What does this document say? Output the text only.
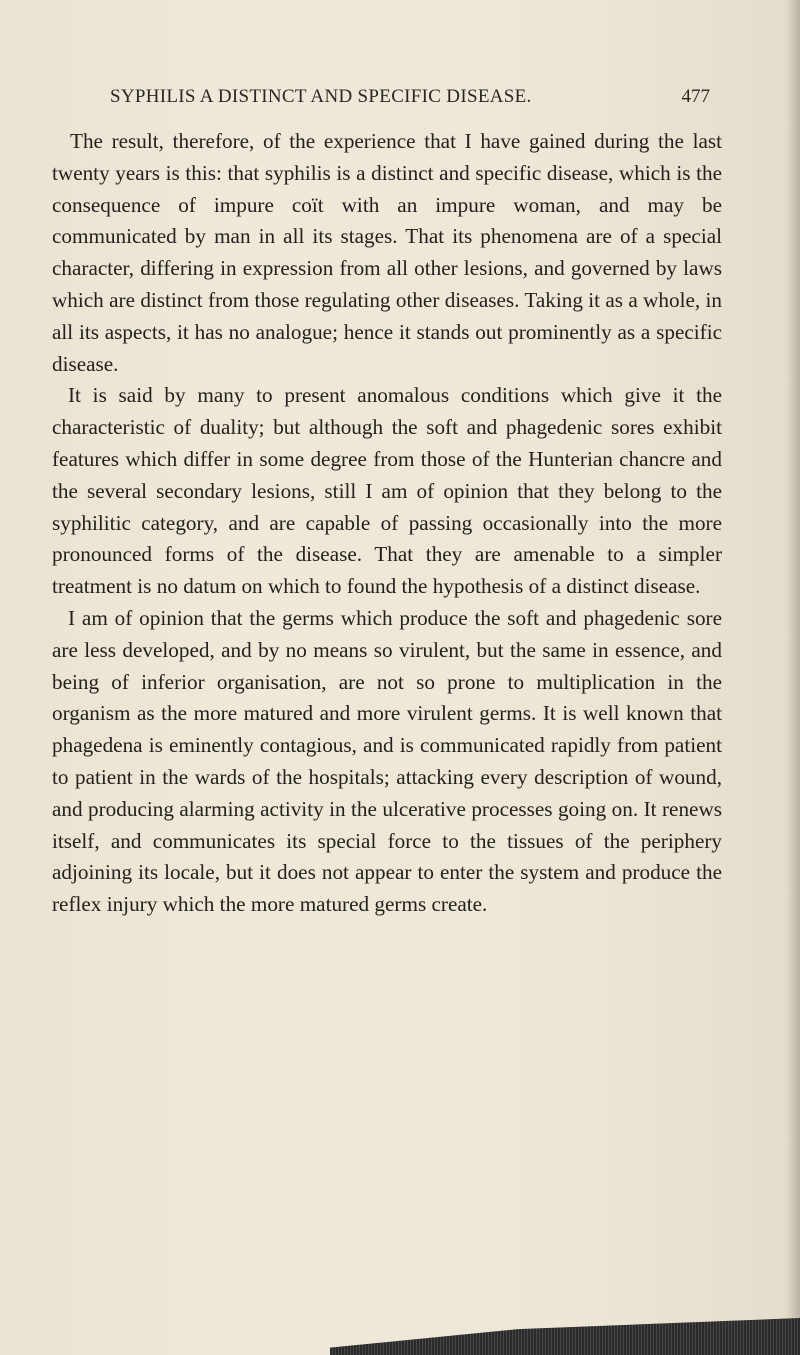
SYPHILIS A DISTINCT AND SPECIFIC DISEASE.	477

The result, therefore, of the experience that I have gained during the last twenty years is this: that syphilis is a distinct and specific disease, which is the consequence of impure coït with an impure woman, and may be communicated by man in all its stages. That its phenomena are of a special character, differing in expression from all other lesions, and governed by laws which are distinct from those regulating other diseases. Taking it as a whole, in all its aspects, it has no analogue; hence it stands out prominently as a specific disease.

It is said by many to present anomalous conditions which give it the characteristic of duality; but although the soft and phagedenic sores exhibit features which differ in some degree from those of the Hunterian chancre and the several secondary lesions, still I am of opinion that they belong to the syphilitic category, and are capable of passing occasionally into the more pronounced forms of the disease. That they are amenable to a simpler treatment is no datum on which to found the hypothesis of a distinct disease.

I am of opinion that the germs which produce the soft and phagedenic sore are less developed, and by no means so virulent, but the same in essence, and being of inferior organisation, are not so prone to multiplication in the organism as the more matured and more virulent germs. It is well known that phagedena is eminently contagious, and is communicated rapidly from patient to patient in the wards of the hospitals; attacking every description of wound, and producing alarming activity in the ulcerative processes going on. It renews itself, and communicates its special force to the tissues of the periphery adjoining its locale, but it does not appear to enter the system and produce the reflex injury which the more matured germs create.
